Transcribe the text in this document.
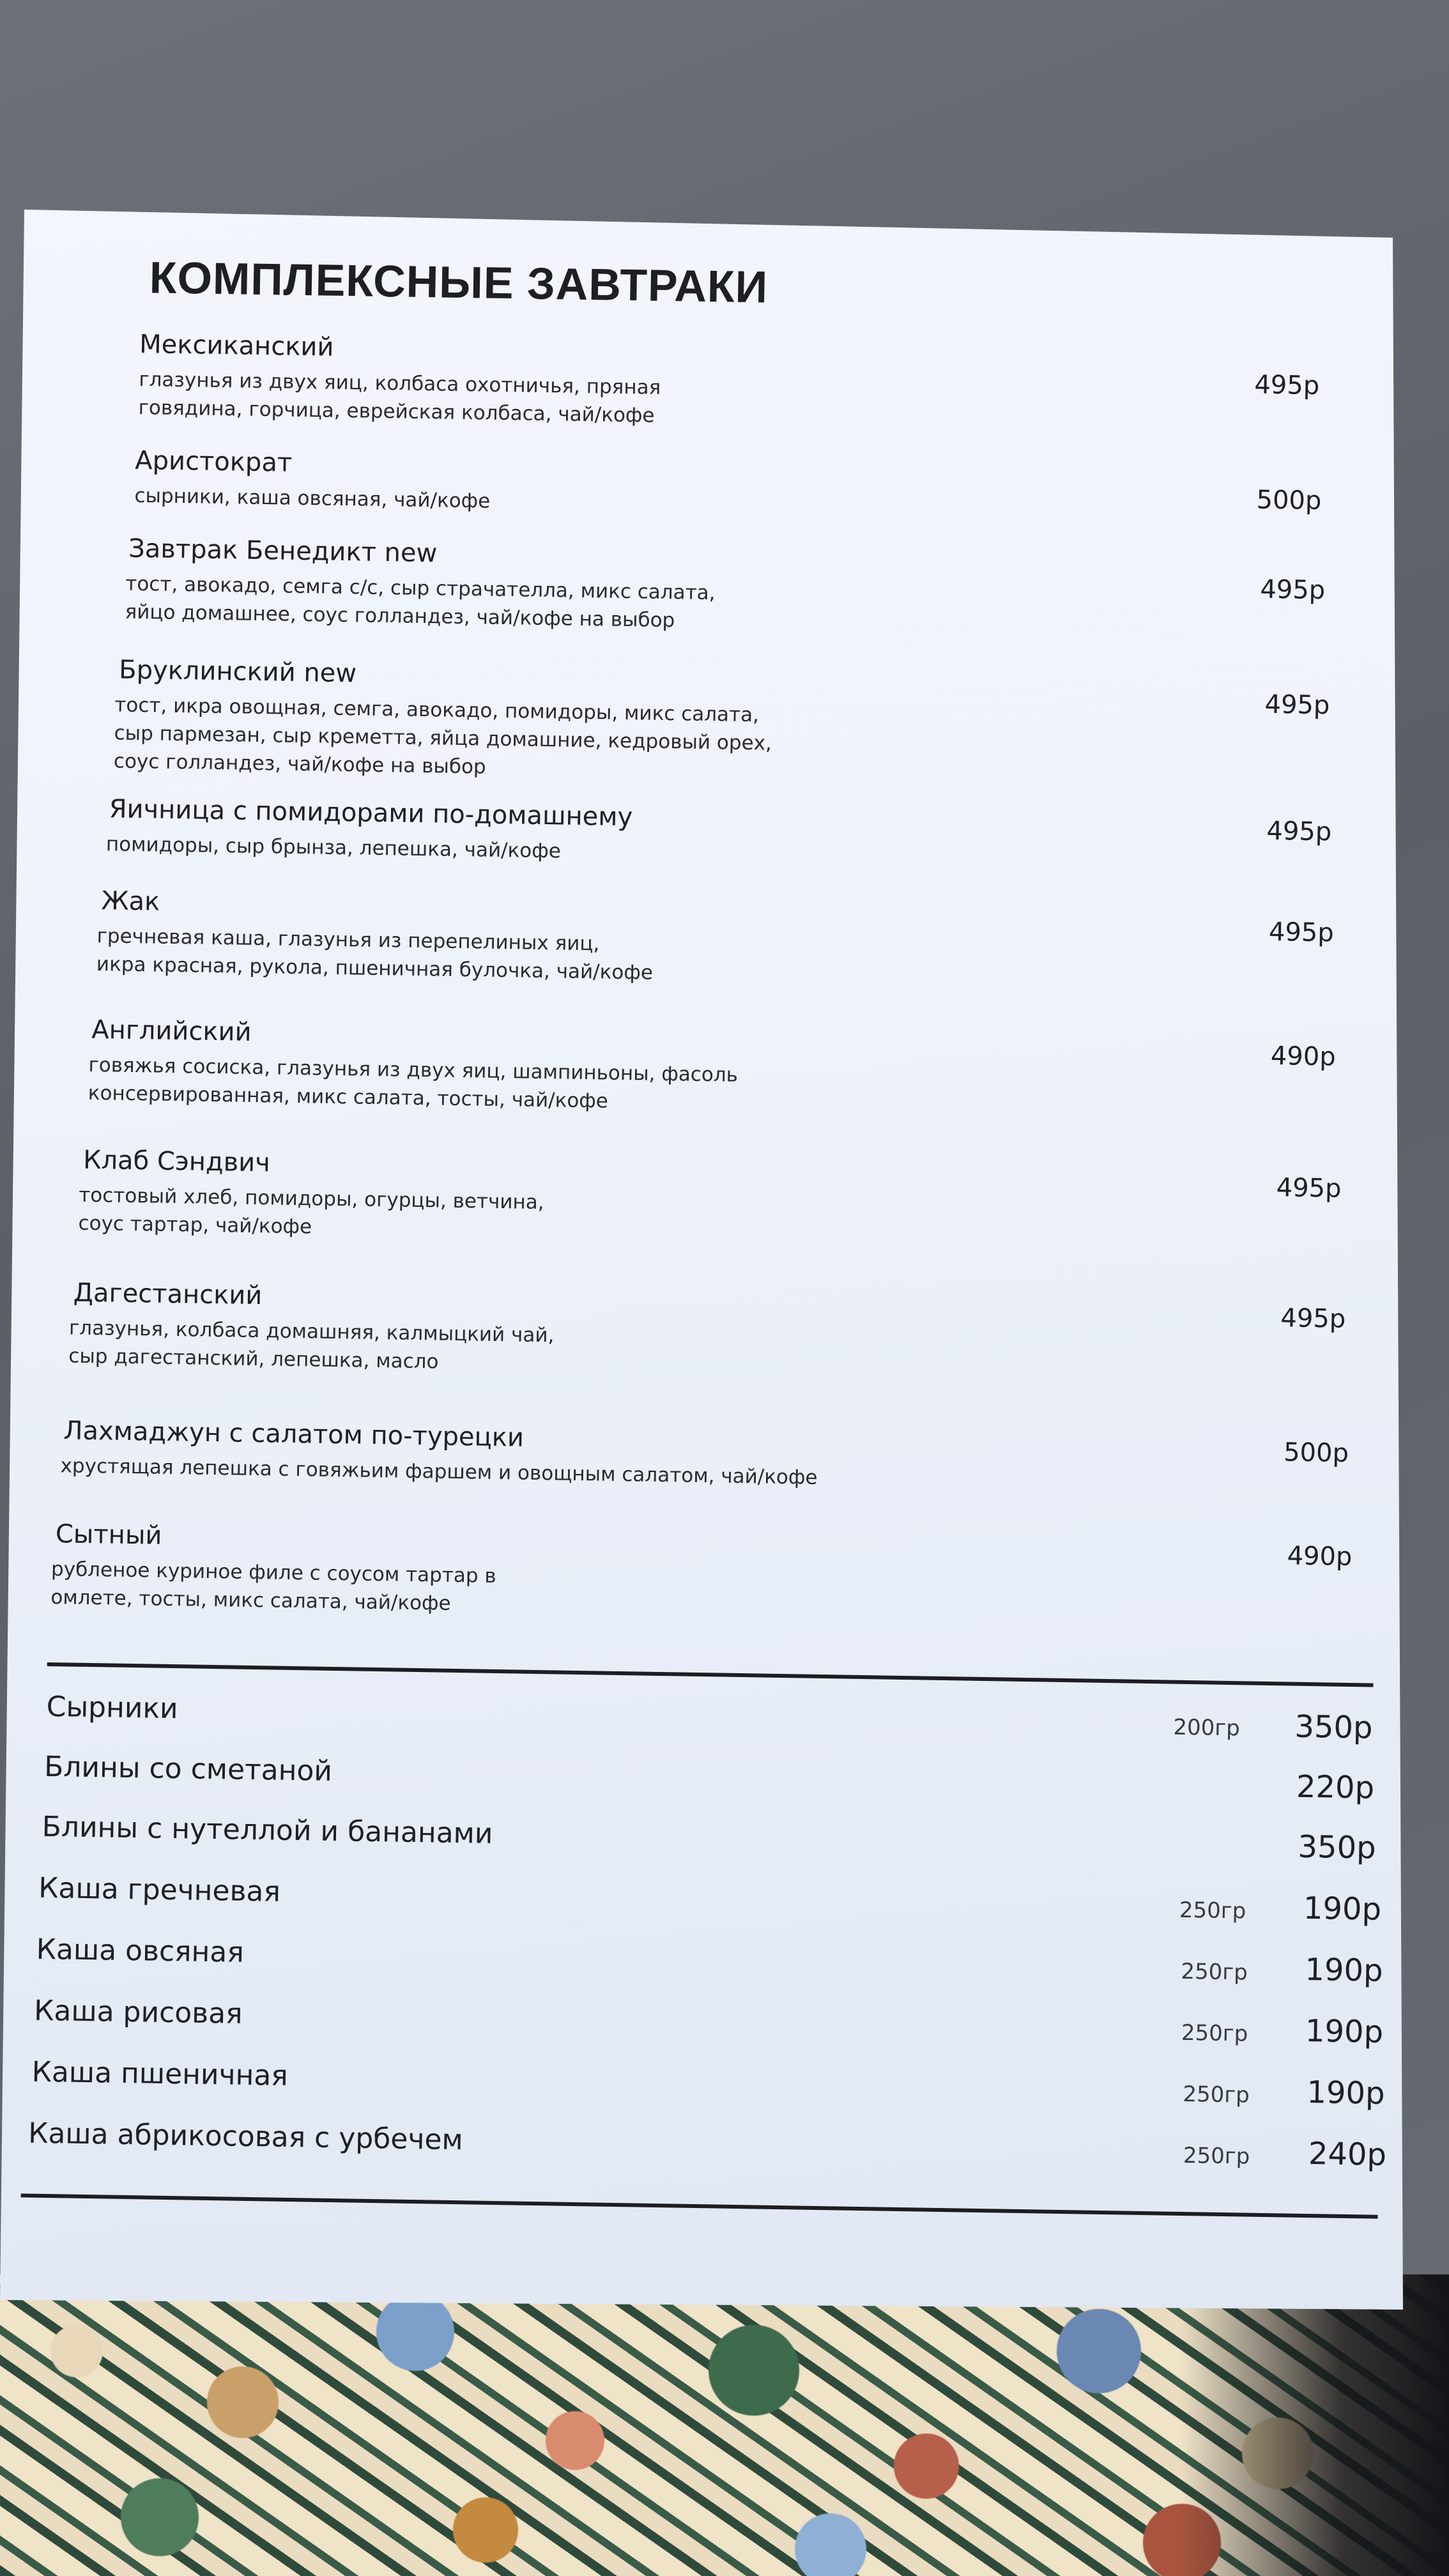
КОМПЛЕКСНЫЕ ЗАВТРАКИ
Мексиканский
глазунья из двух яиц, колбаса охотничья, пряная
говядина, горчица, еврейская колбаса, чай/кофе
495р
Аристократ
сырники, каша овсяная, чай/кофе	500р
Завтрак Бенедикт new
тост, авокадо, семга с/с, сыр страчателла, микс салата,
яйцо домашнее, соус голландез, чай/кофе на выбор
495р
Бруклинский new
тост, икра овощная, семга, авокадо, помидоры, микс салата,
сыр пармезан, сыр креметта, яйца домашние, кедровый орех,
соус голландез, чай/кофе на выбор
495р
Яичница с помидорами по-домашнему
помидоры, сыр брынза, лепешка, чай/кофе
495р
Жак
гречневая каша, глазунья из перепелиных яиц,
икра красная, рукола, пшеничная булочка, чай/кофе
495р
Английский
говяжья сосиска, глазунья из двух яиц, шампиньоны, фасоль
консервированная, микс салата, тосты, чай/кофе
490р
Клаб Сэндвич
тостовый хлеб, помидоры, огурцы, ветчина,
соус тартар, чай/кофе
495р
Дагестанский
глазунья, колбаса домашняя, калмыцкий чай,
сыр дагестанский, лепешка, масло
495р
Лахмаджун с салатом по-турецки
хрустящая лепешка с говяжьим фаршем и овощным салатом, чай/кофе
500р
Сытный
рубленое куриное филе с соусом тартар в
омлете, тосты, микс салата, чай/кофе
490р
Сырники
200гр 350р
Блины со сметаной	220р
Блины с нутеллой и бананами	350р
Каша гречневая
250гр 190р
Каша овсяная
250гр 190р
Каша рисовая
250гр 190р
Каша пшеничная
250гр 190р
Каша абрикосовая с урбечем	250гр 240р
